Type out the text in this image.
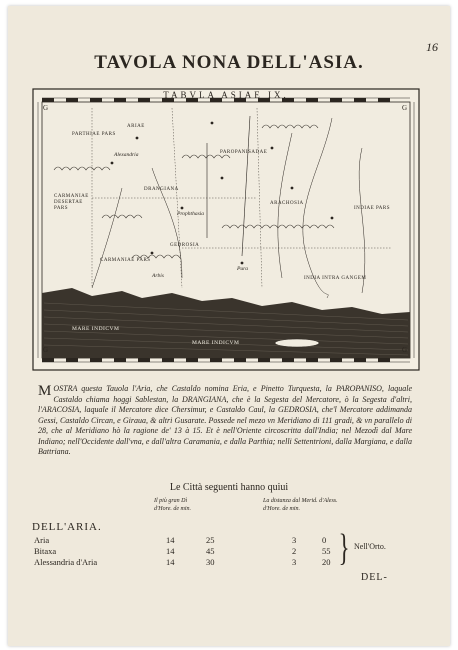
16
TAVOLA NONA DELL'ASIA.
G	G
G	G
TABVLA ASIAE IX.
PARTHIAE PARS
CARMANIAE DESERTAE PARS
ARIAE
DRANGIANA
PAROPANISADAE
ARACHOSIA
INDIAE PARS
GEDROSIA
CARMANIAE PARS
INDIA INTRA GANGEM
MARE INDICVM
MARE INDICVM
Alexandria
Prophthasia
Arbis
Pura
MOSTRA questa Tauola l'Aria, che Castaldo nomina Eria, e Pinetto Turquesta, la PAROPANISO, laquale Castaldo chiama hoggi Sablestan, la DRANGIANA, che è la Segesta del Mercatore, ò la Segesta d'altri, l'ARACOSIA, laquale il Mercatore dice Chersimur, e Castaldo Caul, la GEDROSIA, che'l Mercatore addimanda Gessi, Castaldo Circan, e Giraua, & altri Gusarate. Possede nel mezo vn Meridiano di 111 gradi, & vn parallelo di 28, che al Meridiano hò la ragione de' 13 à 15. Et è nell'Oriente circoscritta dall'India; nel Mezodì dal Mare Indiano; nell'Occidente dall'vna, e dall'altra Caramania, e dalla Parthia; nelli Settentrioni, dalla Margiana, e dalla Battriana.
Le Città seguenti hanno quiui
Il più gran Dì
d'Hore. de min.
La distanza dal Merid. d'Aless.
d'Hore. de min.
DELL'ARIA.
Aria	14	25	3	0
Bitaxa	14	45	2	55
Alessandria d'Aria	14	30	3	20 } Nell'Orto.
DEL-
